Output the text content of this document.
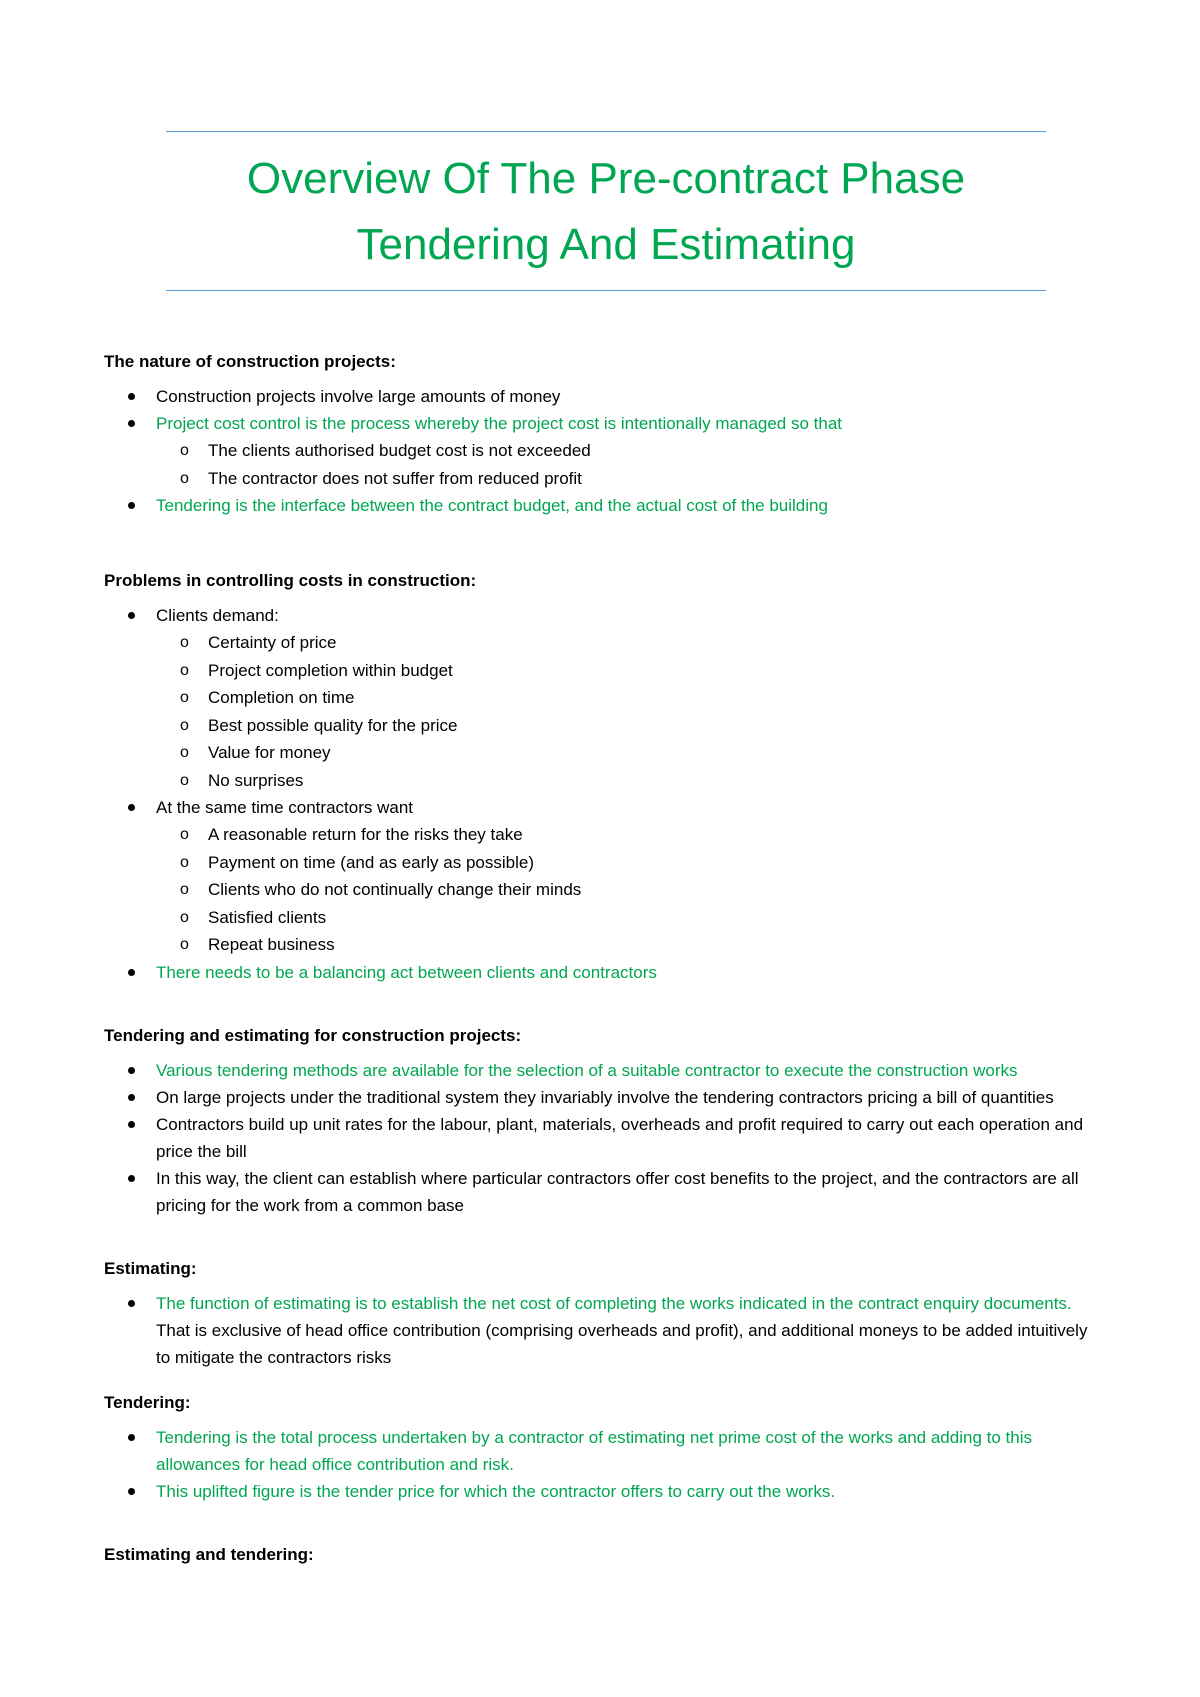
Overview Of The Pre-contract Phase
Tendering And Estimating

The nature of construction projects:

Construction projects involve large amounts of money
Project cost control is the process whereby the project cost is intentionally managed so that
o The clients authorised budget cost is not exceeded
o The contractor does not suffer from reduced profit
Tendering is the interface between the contract budget, and the actual cost of the building

Problems in controlling costs in construction:

Clients demand:
o Certainty of price
o Project completion within budget
o Completion on time
o Best possible quality for the price
o Value for money
o No surprises
At the same time contractors want
o A reasonable return for the risks they take
o Payment on time (and as early as possible)
o Clients who do not continually change their minds
o Satisfied clients
o Repeat business
There needs to be a balancing act between clients and contractors

Tendering and estimating for construction projects:

Various tendering methods are available for the selection of a suitable contractor to execute the construction works
On large projects under the traditional system they invariably involve the tendering contractors pricing a bill of quantities
Contractors build up unit rates for the labour, plant, materials, overheads and profit required to carry out each operation and price the bill
In this way, the client can establish where particular contractors offer cost benefits to the project, and the contractors are all pricing for the work from a common base

Estimating:

The function of estimating is to establish the net cost of completing the works indicated in the contract enquiry documents. That is exclusive of head office contribution (comprising overheads and profit), and additional moneys to be added intuitively to mitigate the contractors risks

Tendering:

Tendering is the total process undertaken by a contractor of estimating net prime cost of the works and adding to this allowances for head office contribution and risk.
This uplifted figure is the tender price for which the contractor offers to carry out the works.

Estimating and tendering:
